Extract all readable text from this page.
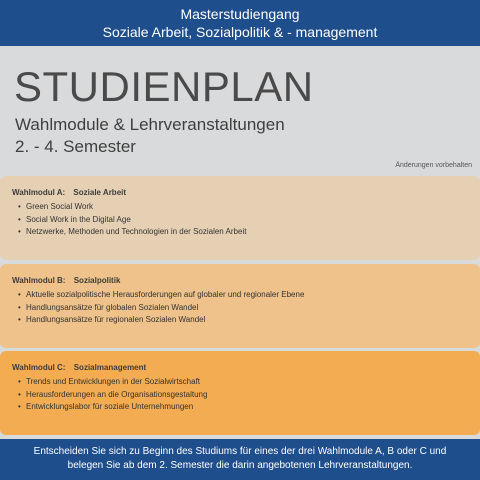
Masterstudiengang
Soziale Arbeit, Sozialpolitik & - management
STUDIENPLAN
Wahlmodule & Lehrveranstaltungen
2. - 4. Semester
Änderungen vorbehalten
Wahlmodul A: Soziale Arbeit
• Green Social Work
• Social Work in the Digital Age
• Netzwerke, Methoden und Technologien in der Sozialen Arbeit
Wahlmodul B: Sozialpolitik
• Aktuelle sozialpolitische Herausforderungen auf globaler und regionaler Ebene
• Handlungsansätze für globalen Sozialen Wandel
• Handlungsansätze für regionalen Sozialen Wandel
Wahlmodul C: Sozialmanagement
• Trends und Entwicklungen in der Sozialwirtschaft
• Herausforderungen an die Organisationsgestaltung
• Entwicklungslabor für soziale Unternehmungen
Entscheiden Sie sich zu Beginn des Studiums für eines der drei Wahlmodule A, B oder C und
belegen Sie ab dem 2. Semester die darin angebotenen Lehrveranstaltungen.
